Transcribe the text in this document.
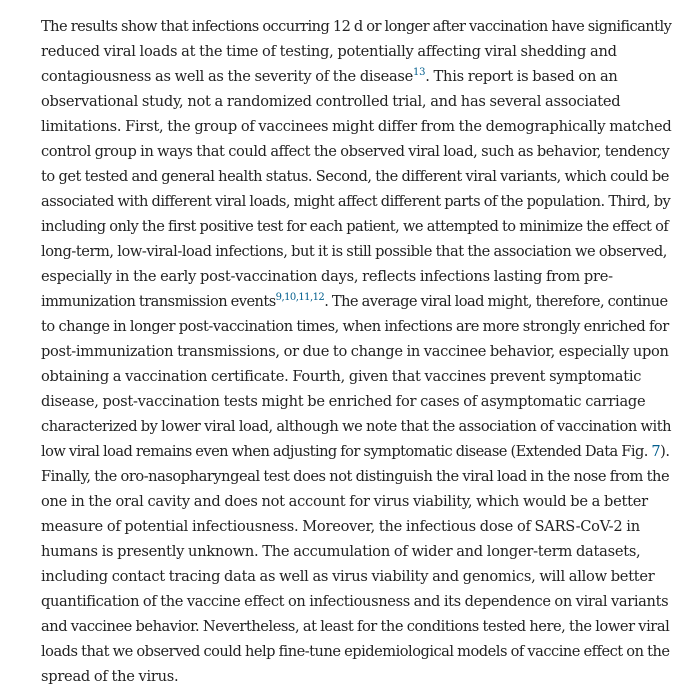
The results show that infections occurring 12 d or longer after vaccination have significantly
reduced viral loads at the time of testing, potentially affecting viral shedding and
contagiousness as well as the severity of the disease$^{13}$. This report is based on an
observational study, not a randomized controlled trial, and has several associated
limitations. First, the group of vaccinees might differ from the demographically matched
control group in ways that could affect the observed viral load, such as behavior, tendency
to get tested and general health status. Second, the different viral variants, which could be
associated with different viral loads, might affect different parts of the population. Third, by
including only the first positive test for each patient, we attempted to minimize the effect of
long-term, low-viral-load infections, but it is still possible that the association we observed,
especially in the early post-vaccination days, reflects infections lasting from pre-
immunization transmission events$^{9,10,11,12}$. The average viral load might, therefore, continue
to change in longer post-vaccination times, when infections are more strongly enriched for
post-immunization transmissions, or due to change in vaccinee behavior, especially upon
obtaining a vaccination certificate. Fourth, given that vaccines prevent symptomatic
disease, post-vaccination tests might be enriched for cases of asymptomatic carriage
characterized by lower viral load, although we note that the association of vaccination with
low viral load remains even when adjusting for symptomatic disease (Extended Data Fig. 7).
Finally, the oro-nasopharyngeal test does not distinguish the viral load in the nose from the
one in the oral cavity and does not account for virus viability, which would be a better
measure of potential infectiousness. Moreover, the infectious dose of SARS-CoV-2 in
humans is presently unknown. The accumulation of wider and longer-term datasets,
including contact tracing data as well as virus viability and genomics, will allow better
quantification of the vaccine effect on infectiousness and its dependence on viral variants
and vaccinee behavior. Nevertheless, at least for the conditions tested here, the lower viral
loads that we observed could help fine-tune epidemiological models of vaccine effect on the
spread of the virus.
